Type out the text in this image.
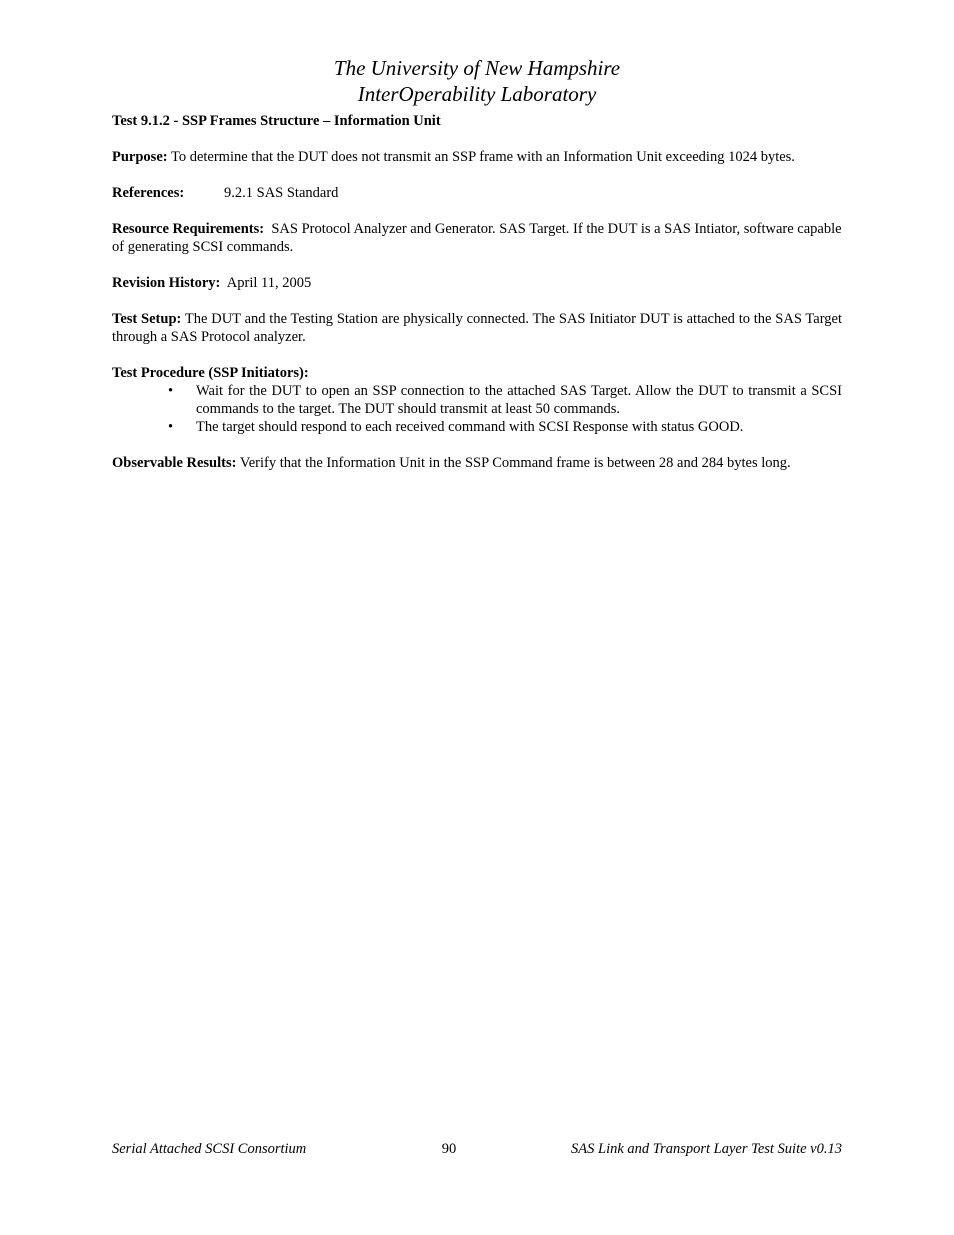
The University of New Hampshire
InterOperability Laboratory
Test 9.1.2 - SSP Frames Structure – Information Unit

Purpose: To determine that the DUT does not transmit an SSP frame with an Information Unit exceeding 1024 bytes.

References:	9.2.1 SAS Standard

Resource Requirements: SAS Protocol Analyzer and Generator. SAS Target. If the DUT is a SAS Intiator, software capable of generating SCSI commands.

Revision History: April 11, 2005

Test Setup: The DUT and the Testing Station are physically connected. The SAS Initiator DUT is attached to the SAS Target through a SAS Protocol analyzer.

Test Procedure (SSP Initiators):
• Wait for the DUT to open an SSP connection to the attached SAS Target. Allow the DUT to transmit a SCSI commands to the target. The DUT should transmit at least 50 commands.
• The target should respond to each received command with SCSI Response with status GOOD.

Observable Results: Verify that the Information Unit in the SSP Command frame is between 28 and 284 bytes long.

Serial Attached SCSI Consortium	90	SAS Link and Transport Layer Test Suite v0.13
